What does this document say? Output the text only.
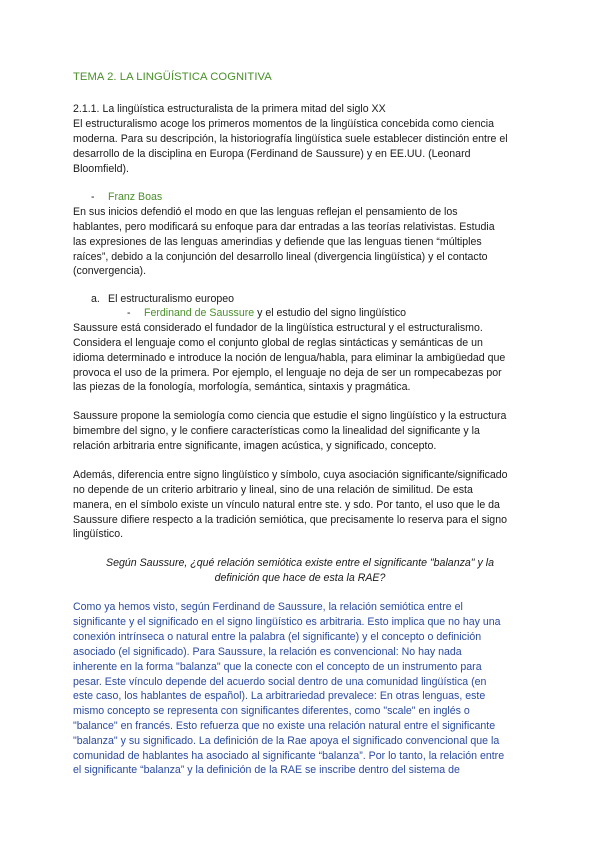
TEMA 2. LA LINGÜÍSTICA COGNITIVA
2.1.1. La lingüística estructuralista de la primera mitad del siglo XX
El estructuralismo acoge los primeros momentos de la lingüística concebida como ciencia
moderna. Para su descripción, la historiografía lingüística suele establecer distinción entre el
desarrollo de la disciplina en Europa (Ferdinand de Saussure) y en EE.UU. (Leonard
Bloomfield).
- Franz Boas
En sus inicios defendió el modo en que las lenguas reflejan el pensamiento de los
hablantes, pero modificará su enfoque para dar entradas a las teorías relativistas. Estudia
las expresiones de las lenguas amerindias y defiende que las lenguas tienen “múltiples
raíces”, debido a la conjunción del desarrollo lineal (divergencia lingüística) y el contacto
(convergencia).
a. El estructuralismo europeo
- Ferdinand de Saussure y el estudio del signo lingüístico
Saussure está considerado el fundador de la lingüística estructural y el estructuralismo.
Considera el lenguaje como el conjunto global de reglas sintácticas y semánticas de un
idioma determinado e introduce la noción de lengua/habla, para eliminar la ambigüedad que
provoca el uso de la primera. Por ejemplo, el lenguaje no deja de ser un rompecabezas por
las piezas de la fonología, morfología, semántica, sintaxis y pragmática.
Saussure propone la semiología como ciencia que estudie el signo lingüístico y la estructura
bimembre del signo, y le confiere características como la linealidad del significante y la
relación arbitraria entre significante, imagen acústica, y significado, concepto.
Además, diferencia entre signo lingüístico y símbolo, cuya asociación significante/significado
no depende de un criterio arbitrario y lineal, sino de una relación de similitud. De esta
manera, en el símbolo existe un vínculo natural entre ste. y sdo. Por tanto, el uso que le da
Saussure difiere respecto a la tradición semiótica, que precisamente lo reserva para el signo
lingüístico.
Según Saussure, ¿qué relación semiótica existe entre el significante "balanza" y la
definición que hace de esta la RAE?
Como ya hemos visto, según Ferdinand de Saussure, la relación semiótica entre el
significante y el significado en el signo lingüístico es arbitraria. Esto implica que no hay una
conexión intrínseca o natural entre la palabra (el significante) y el concepto o definición
asociado (el significado). Para Saussure, la relación es convencional: No hay nada
inherente en la forma "balanza" que la conecte con el concepto de un instrumento para
pesar. Este vínculo depende del acuerdo social dentro de una comunidad lingüística (en
este caso, los hablantes de español). La arbitrariedad prevalece: En otras lenguas, este
mismo concepto se representa con significantes diferentes, como "scale" en inglés o
"balance" en francés. Esto refuerza que no existe una relación natural entre el significante
"balanza" y su significado. La definición de la Rae apoya el significado convencional que la
comunidad de hablantes ha asociado al significante “balanza”. Por lo tanto, la relación entre
el significante “balanza” y la definición de la RAE se inscribe dentro del sistema de
